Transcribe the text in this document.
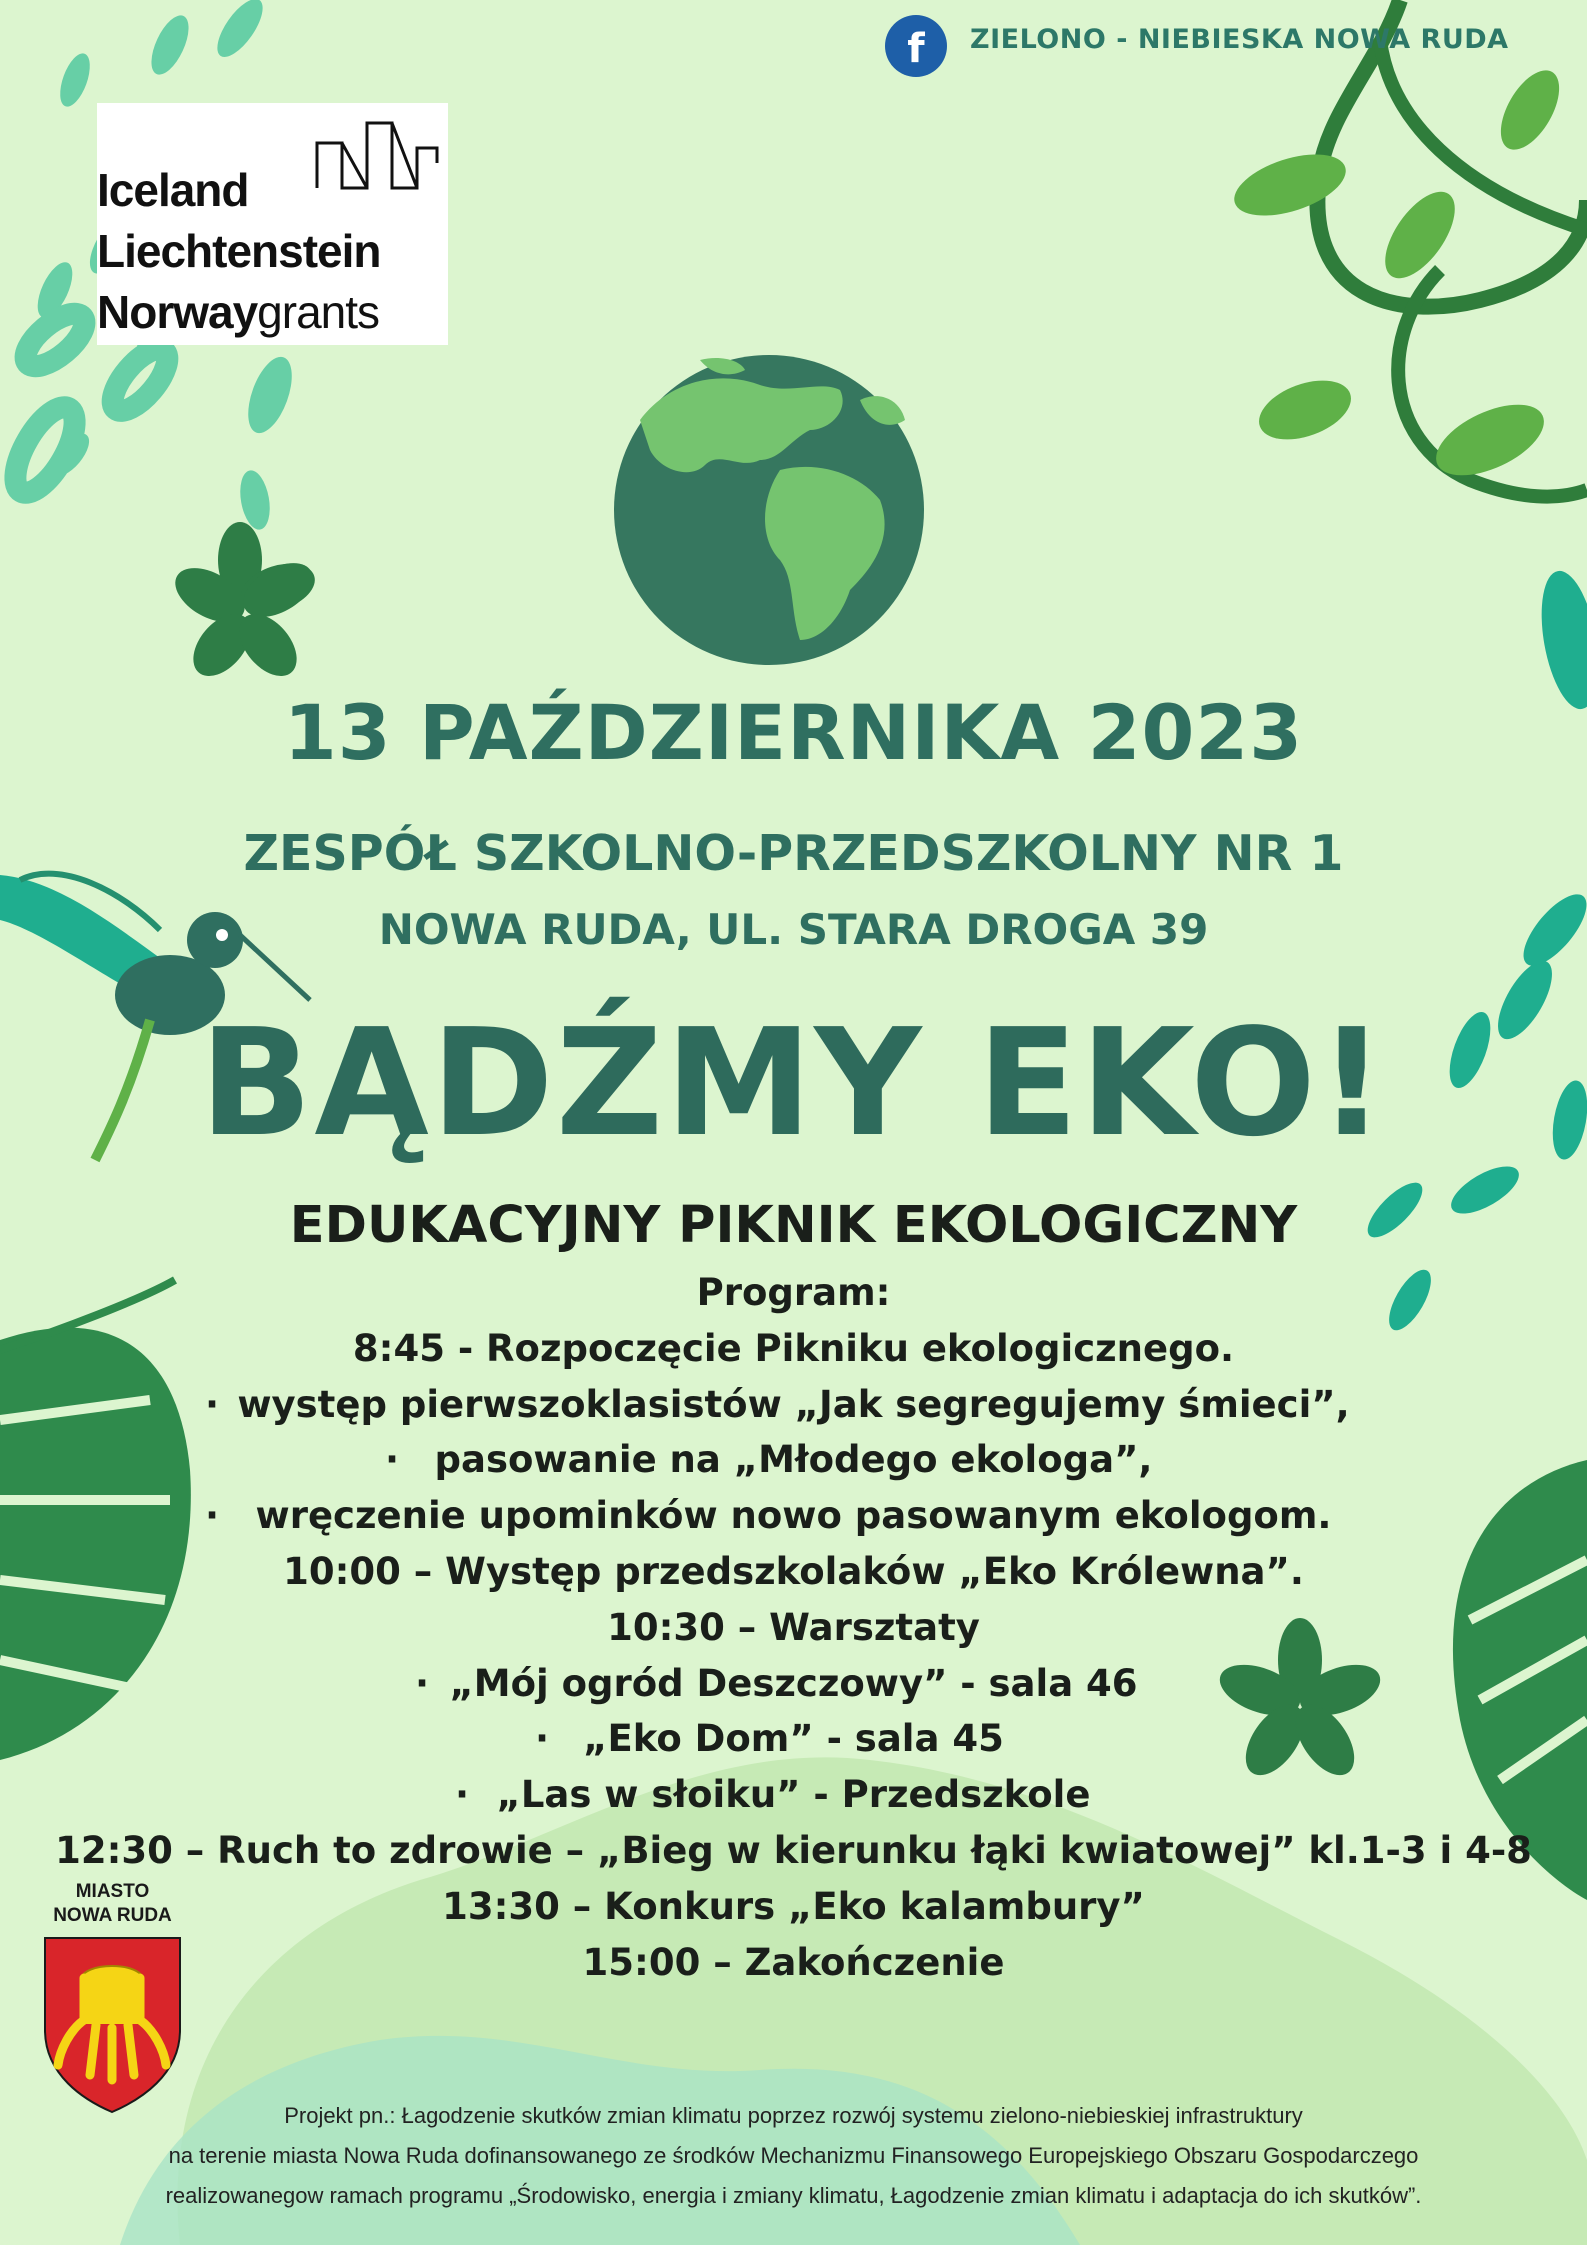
f	ZIELONO - NIEBIESKA NOWA RUDA
Iceland
Liechtenstein
Norwaygrants
13 PAŹDZIERNIKA 2023
ZESPÓŁ SZKOLNO-PRZEDSZKOLNY NR 1
NOWA RUDA, UL. STARA DROGA 39
BĄDŹMY EKO!
EDUKACYJNY PIKNIK EKOLOGICZNY
Program:
8:45 - Rozpoczęcie Pikniku ekologicznego.
· występ pierwszoklasistów „Jak segregujemy śmieci”,
· pasowanie na „Młodego ekologa”,
· wręczenie upominków nowo pasowanym ekologom.
10:00 – Występ przedszkolaków „Eko Królewna”.
10:30 – Warsztaty
· „Mój ogród Deszczowy” - sala 46
· „Eko Dom” - sala 45
· „Las w słoiku” - Przedszkole
12:30 – Ruch to zdrowie – „Bieg w kierunku łąki kwiatowej” kl.1-3 i 4-8
13:30 – Konkurs „Eko kalambury”
15:00 – Zakończenie
MIASTO
NOWA RUDA
Projekt pn.: Łagodzenie skutków zmian klimatu poprzez rozwój systemu zielono-niebieskiej infrastruktury
na terenie miasta Nowa Ruda dofinansowanego ze środków Mechanizmu Finansowego Europejskiego Obszaru Gospodarczego
realizowanegow ramach programu „Środowisko, energia i zmiany klimatu, Łagodzenie zmian klimatu i adaptacja do ich skutków”.
